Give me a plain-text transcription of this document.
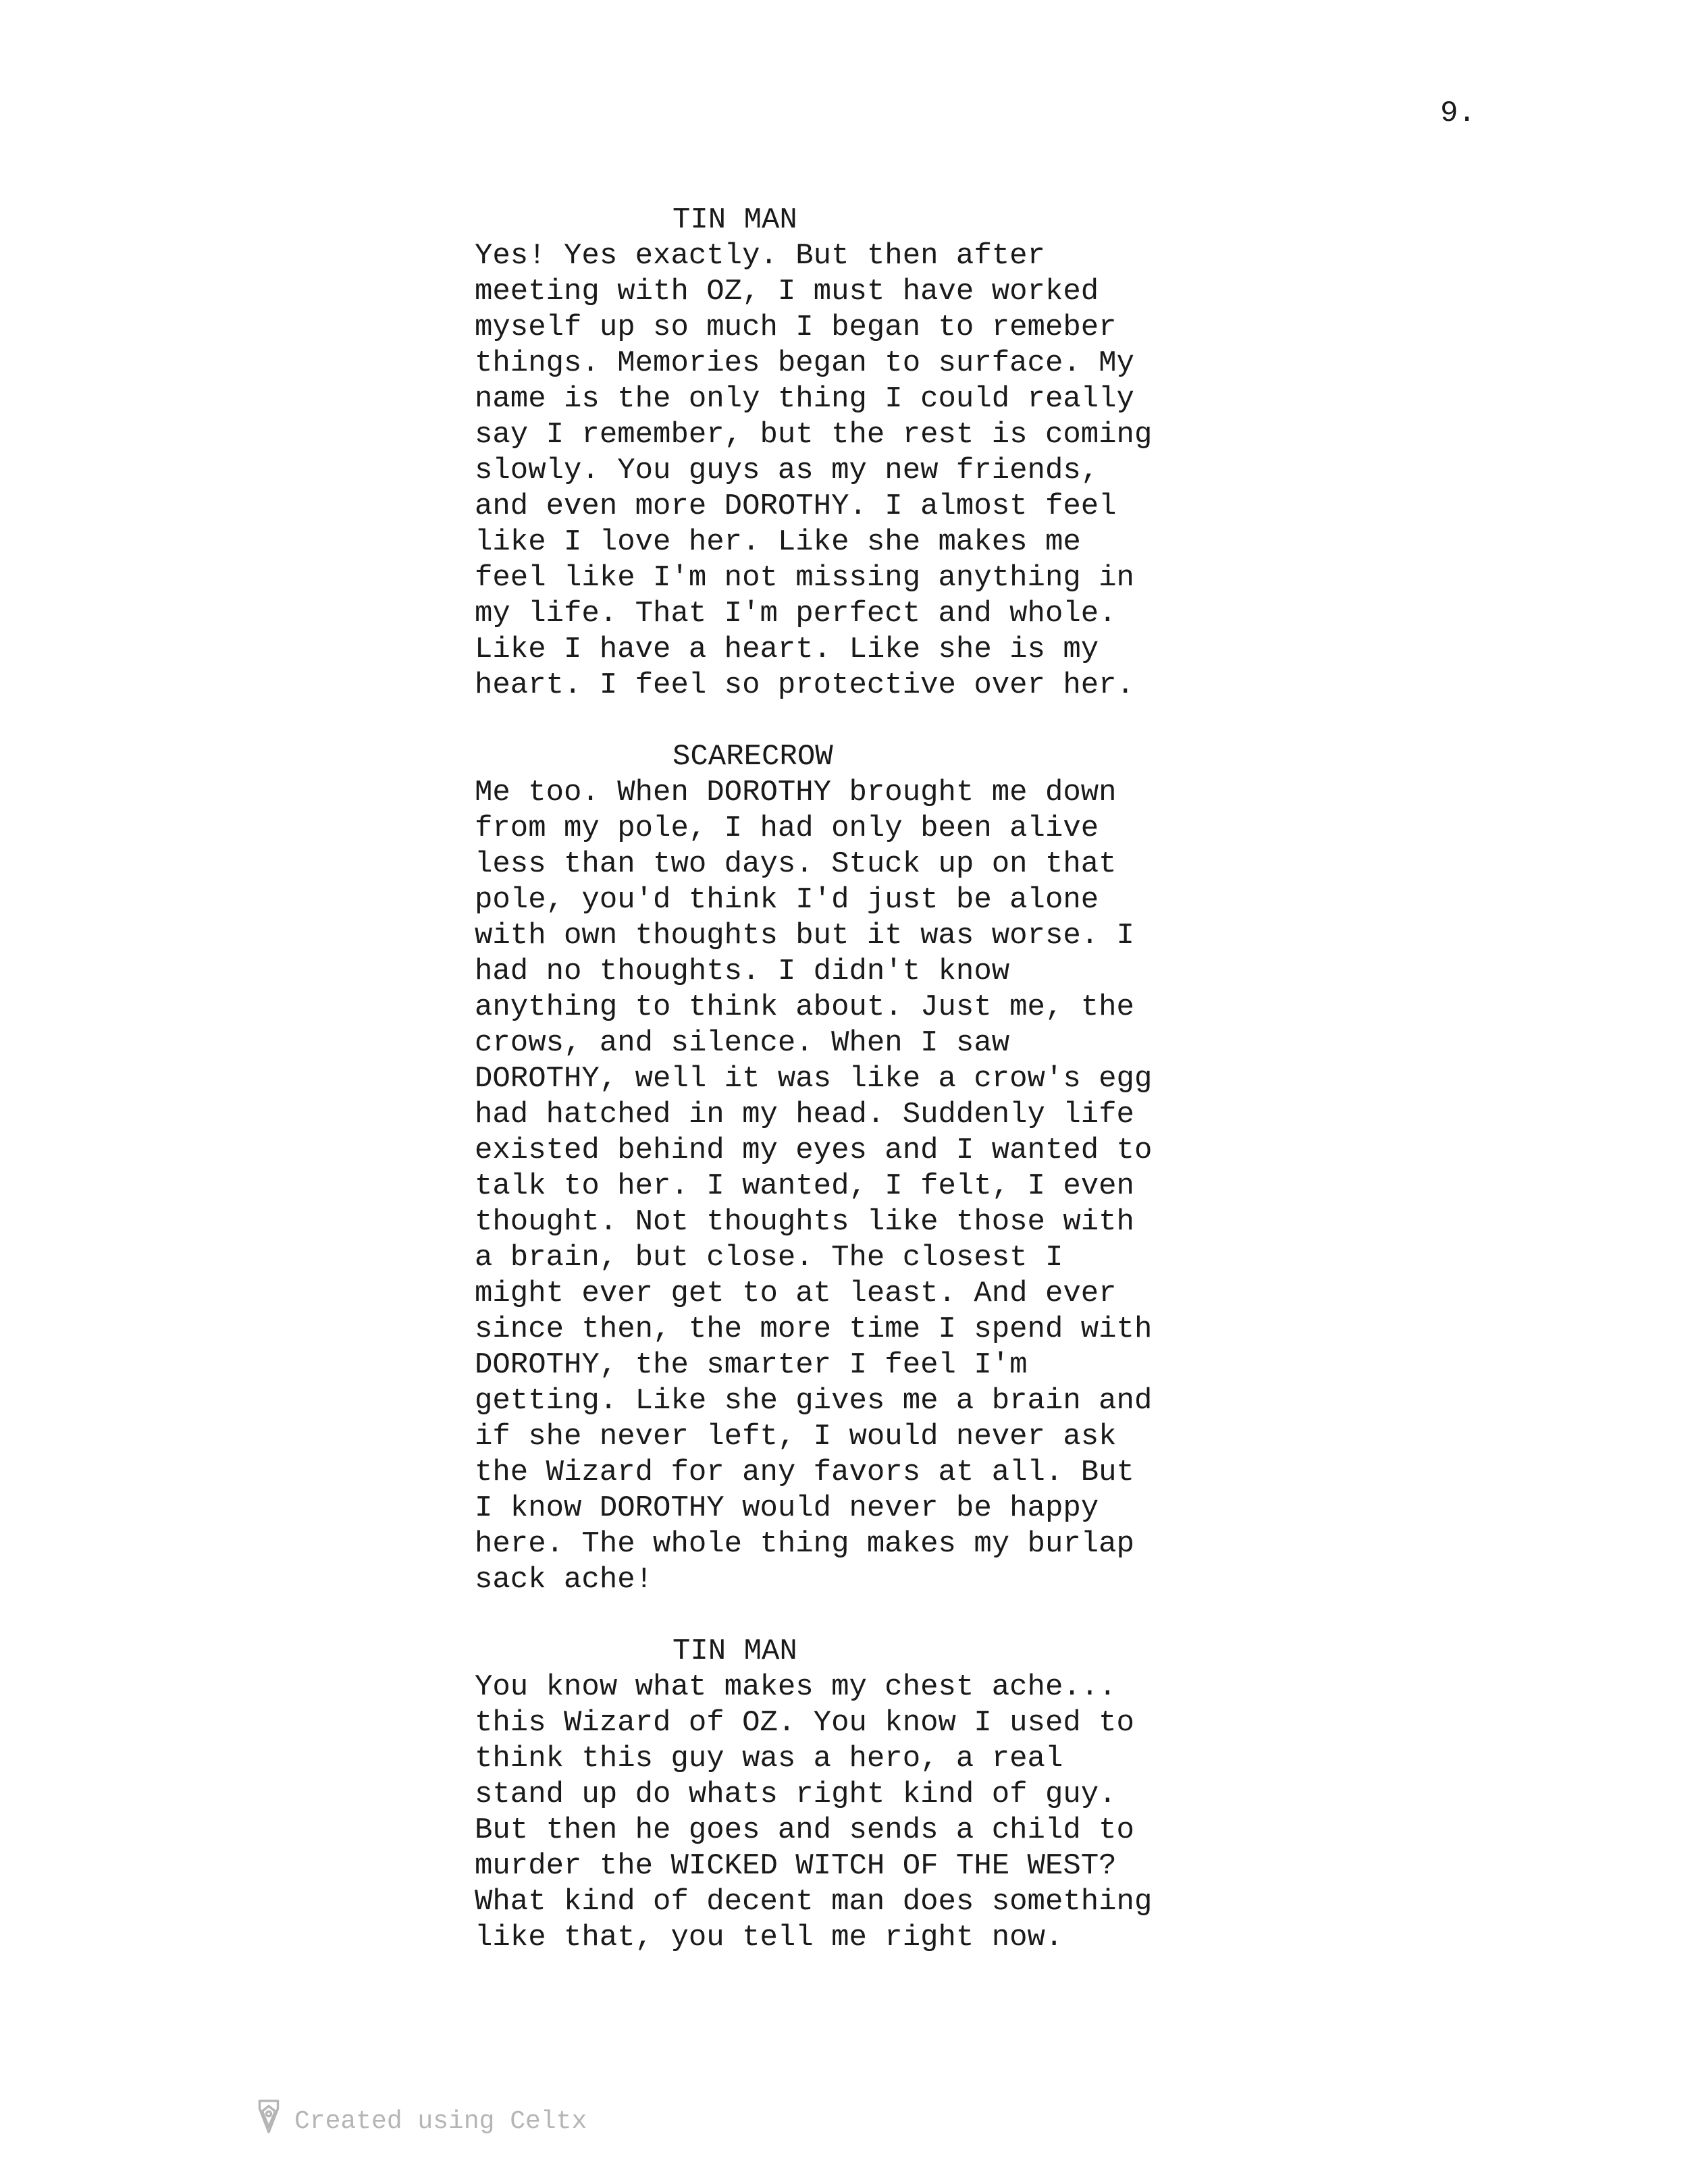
9.
TIN MAN
Yes! Yes exactly. But then after
meeting with OZ, I must have worked
myself up so much I began to remeber
things. Memories began to surface. My
name is the only thing I could really
say I remember, but the rest is coming
slowly. You guys as my new friends,
and even more DOROTHY. I almost feel
like I love her. Like she makes me
feel like I'm not missing anything in
my life. That I'm perfect and whole.
Like I have a heart. Like she is my
heart. I feel so protective over her.
SCARECROW
Me too. When DOROTHY brought me down
from my pole, I had only been alive
less than two days. Stuck up on that
pole, you'd think I'd just be alone
with own thoughts but it was worse. I
had no thoughts. I didn't know
anything to think about. Just me, the
crows, and silence. When I saw
DOROTHY, well it was like a crow's egg
had hatched in my head. Suddenly life
existed behind my eyes and I wanted to
talk to her. I wanted, I felt, I even
thought. Not thoughts like those with
a brain, but close. The closest I
might ever get to at least. And ever
since then, the more time I spend with
DOROTHY, the smarter I feel I'm
getting. Like she gives me a brain and
if she never left, I would never ask
the Wizard for any favors at all. But
I know DOROTHY would never be happy
here. The whole thing makes my burlap
sack ache!
TIN MAN
You know what makes my chest ache...
this Wizard of OZ. You know I used to
think this guy was a hero, a real
stand up do whats right kind of guy.
But then he goes and sends a child to
murder the WICKED WITCH OF THE WEST?
What kind of decent man does something
like that, you tell me right now.
Created using Celtx
